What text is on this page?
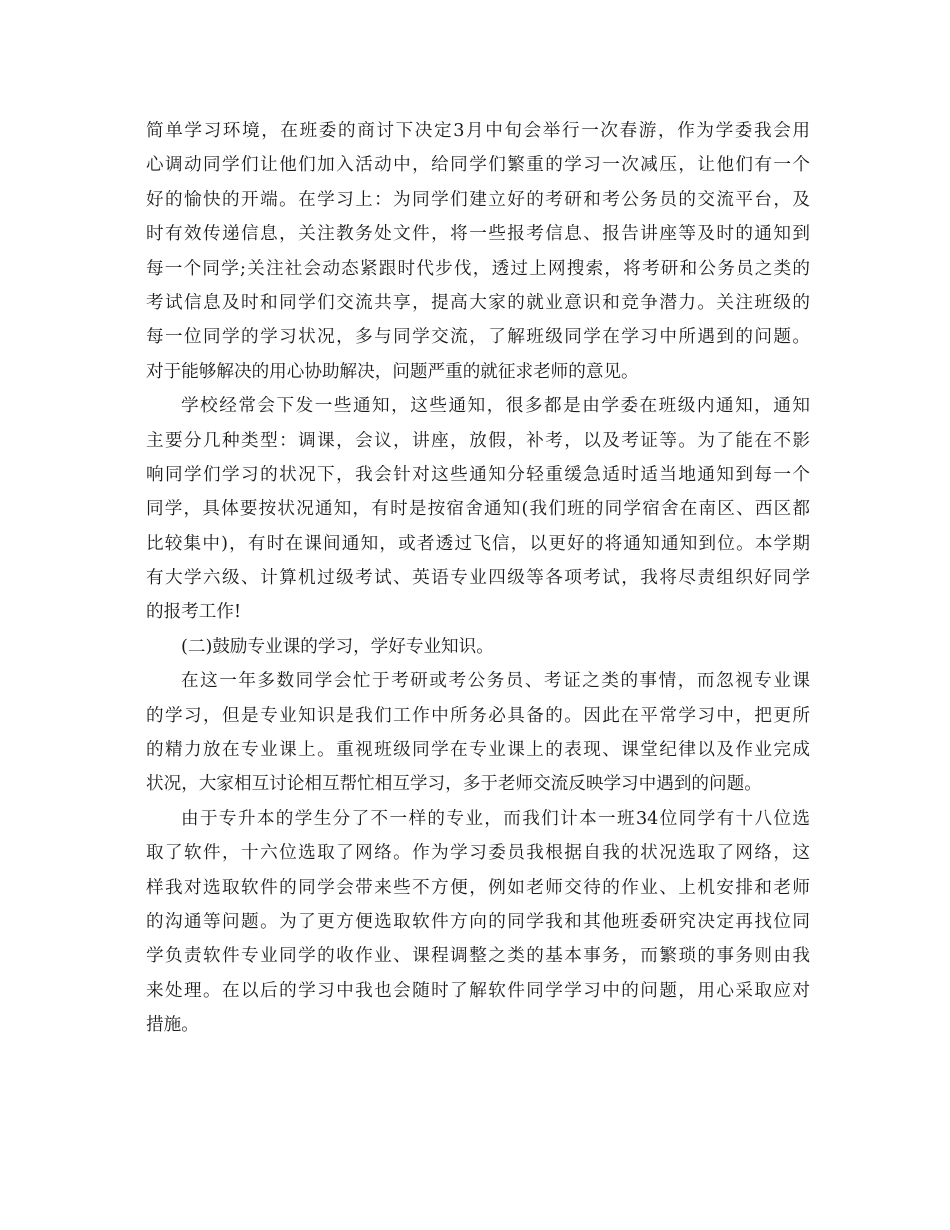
简单学习环境，在班委的商讨下决定3月中旬会举行一次春游，作为学委我会用
心调动同学们让他们加入活动中，给同学们繁重的学习一次减压，让他们有一个
好的愉快的开端。在学习上：为同学们建立好的考研和考公务员的交流平台，及
时有效传递信息，关注教务处文件，将一些报考信息、报告讲座等及时的通知到
每一个同学;关注社会动态紧跟时代步伐，透过上网搜索，将考研和公务员之类的
考试信息及时和同学们交流共享，提高大家的就业意识和竞争潜力。关注班级的
每一位同学的学习状况，多与同学交流，了解班级同学在学习中所遇到的问题。
对于能够解决的用心协助解决，问题严重的就征求老师的意见。
学校经常会下发一些通知，这些通知，很多都是由学委在班级内通知，通知
主要分几种类型：调课，会议，讲座，放假，补考，以及考证等。为了能在不影
响同学们学习的状况下，我会针对这些通知分轻重缓急适时适当地通知到每一个
同学，具体要按状况通知，有时是按宿舍通知(我们班的同学宿舍在南区、西区都
比较集中)，有时在课间通知，或者透过飞信，以更好的将通知通知到位。本学期
有大学六级、计算机过级考试、英语专业四级等各项考试，我将尽责组织好同学
的报考工作!
(二)鼓励专业课的学习，学好专业知识。
在这一年多数同学会忙于考研或考公务员、考证之类的事情，而忽视专业课
的学习，但是专业知识是我们工作中所务必具备的。因此在平常学习中，把更所
的精力放在专业课上。重视班级同学在专业课上的表现、课堂纪律以及作业完成
状况，大家相互讨论相互帮忙相互学习，多于老师交流反映学习中遇到的问题。
由于专升本的学生分了不一样的专业，而我们计本一班34位同学有十八位选
取了软件，十六位选取了网络。作为学习委员我根据自我的状况选取了网络，这
样我对选取软件的同学会带来些不方便，例如老师交待的作业、上机安排和老师
的沟通等问题。为了更方便选取软件方向的同学我和其他班委研究决定再找位同
学负责软件专业同学的收作业、课程调整之类的基本事务，而繁琐的事务则由我
来处理。在以后的学习中我也会随时了解软件同学学习中的问题，用心采取应对
措施。
